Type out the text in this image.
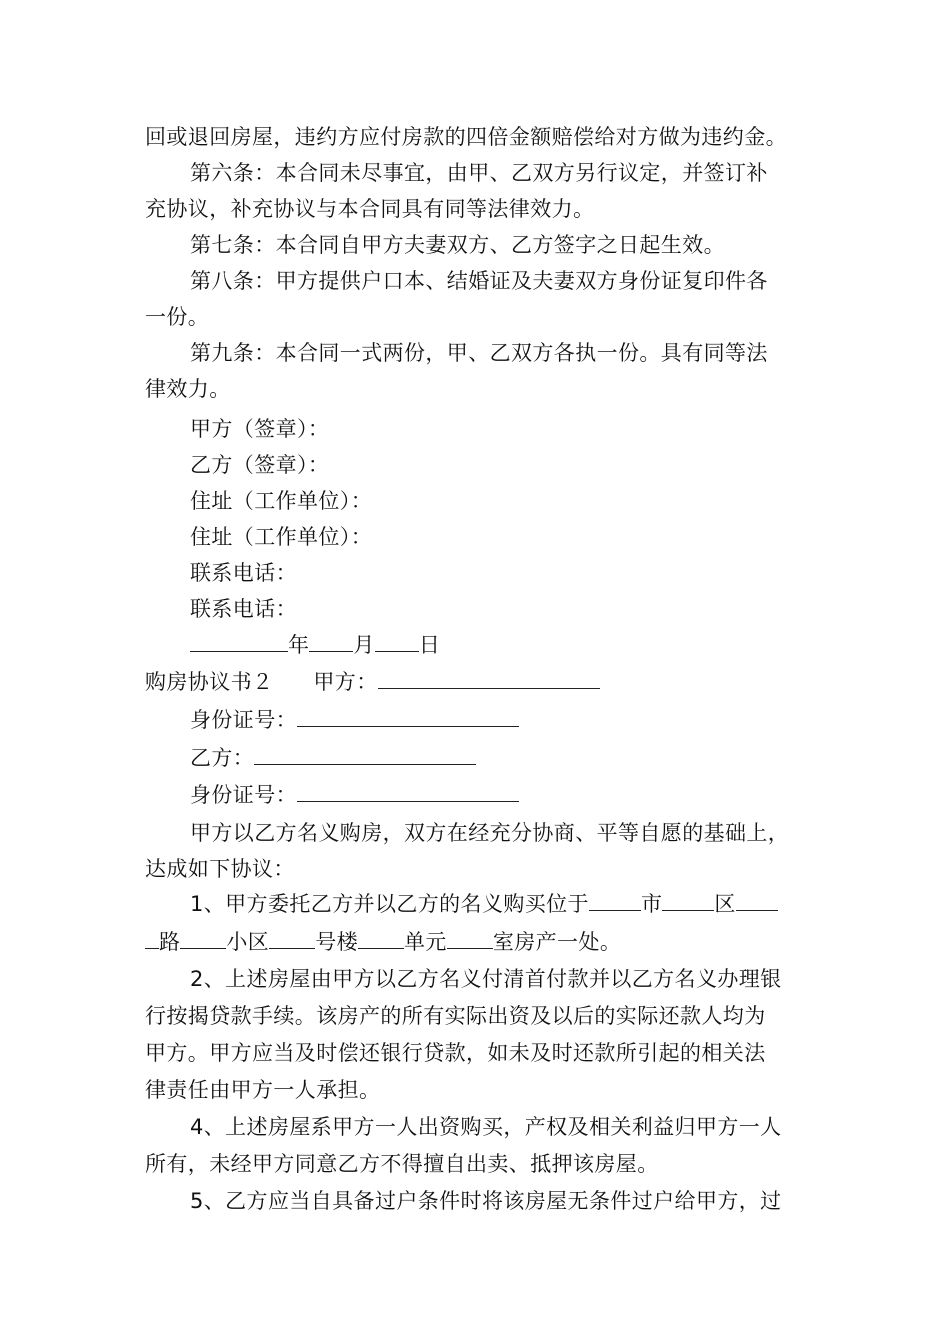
回或退回房屋，违约方应付房款的四倍金额赔偿给对方做为违约金。
第六条：本合同未尽事宜，由甲、乙双方另行议定，并签订补
充协议，补充协议与本合同具有同等法律效力。
第七条：本合同自甲方夫妻双方、乙方签字之日起生效。
第八条：甲方提供户口本、结婚证及夫妻双方身份证复印件各
一份。
第九条：本合同一式两份，甲、乙双方各执一份。具有同等法
律效力。
甲方（签章）：
乙方（签章）：
住址（工作单位）：
住址（工作单位）：
联系电话：
联系电话：
年 月 日
购房协议书２ 甲方：
身份证号：
乙方：
身份证号：
甲方以乙方名义购房，双方在经充分协商、平等自愿的基础上，
达成如下协议：
1、甲方委托乙方并以乙方的名义购买位于 市 区
路 小区 号楼 单元 室房产一处。
2、上述房屋由甲方以乙方名义付清首付款并以乙方名义办理银
行按揭贷款手续。该房产的所有实际出资及以后的实际还款人均为
甲方。甲方应当及时偿还银行贷款，如未及时还款所引起的相关法
律责任由甲方一人承担。
4、上述房屋系甲方一人出资购买，产权及相关利益归甲方一人
所有，未经甲方同意乙方不得擅自出卖、抵押该房屋。
5、乙方应当自具备过户条件时将该房屋无条件过户给甲方，过
